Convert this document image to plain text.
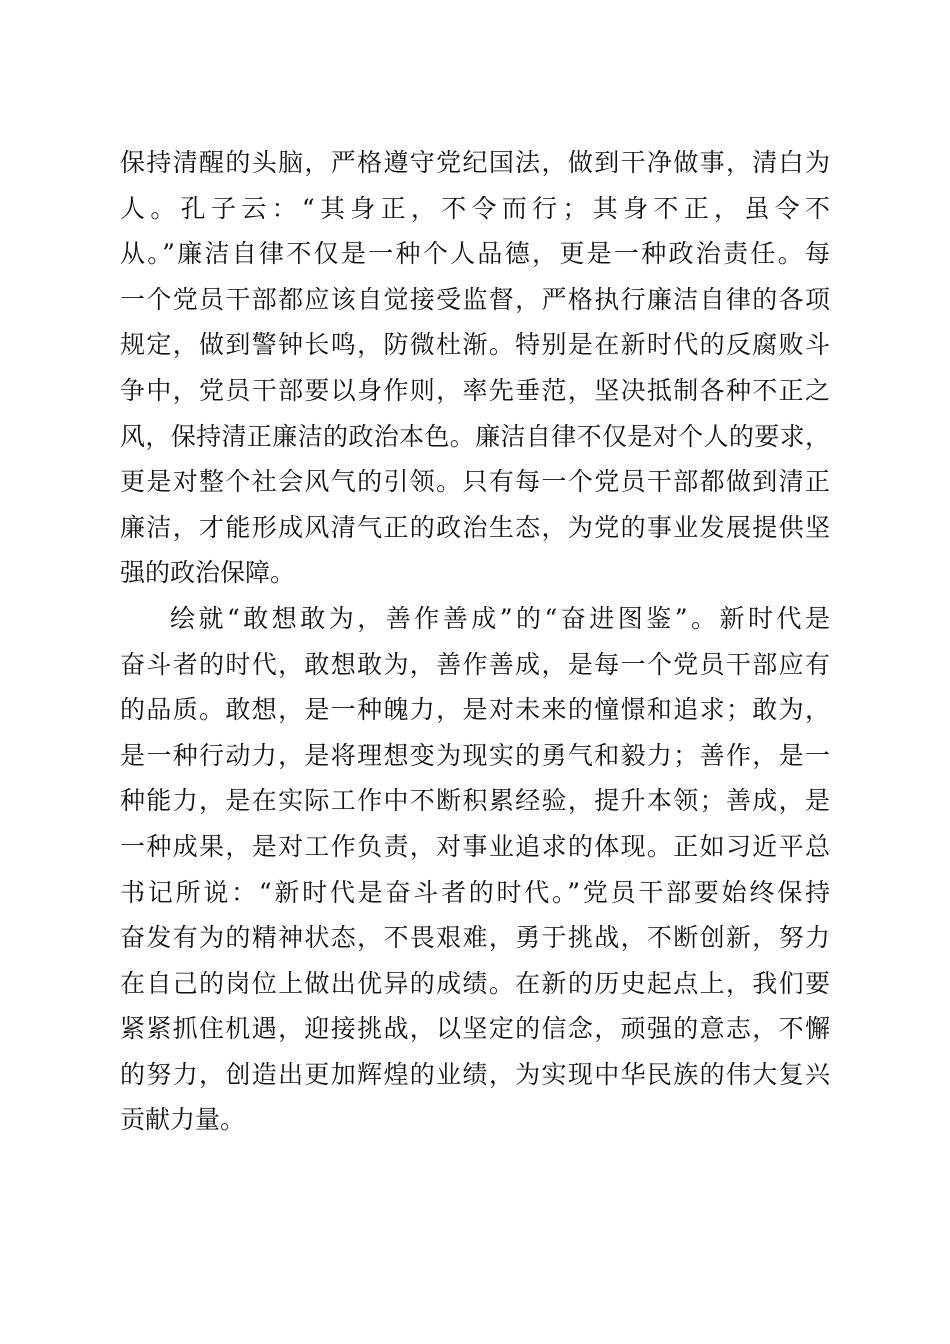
保持清醒的头脑，严格遵守党纪国法，做到干净做事，清白为
人。孔子云：“其身正，不令而行；其身不正，虽令不
从。”廉洁自律不仅是一种个人品德，更是一种政治责任。每
一个党员干部都应该自觉接受监督，严格执行廉洁自律的各项
规定，做到警钟长鸣，防微杜渐。特别是在新时代的反腐败斗
争中，党员干部要以身作则，率先垂范，坚决抵制各种不正之
风，保持清正廉洁的政治本色。廉洁自律不仅是对个人的要求，
更是对整个社会风气的引领。只有每一个党员干部都做到清正
廉洁，才能形成风清气正的政治生态，为党的事业发展提供坚
强的政治保障。
绘就“敢想敢为，善作善成”的“奋进图鉴”。新时代是
奋斗者的时代，敢想敢为，善作善成，是每一个党员干部应有
的品质。敢想，是一种魄力，是对未来的憧憬和追求；敢为，
是一种行动力，是将理想变为现实的勇气和毅力；善作，是一
种能力，是在实际工作中不断积累经验，提升本领；善成，是
一种成果，是对工作负责，对事业追求的体现。正如习近平总
书记所说：“新时代是奋斗者的时代。”党员干部要始终保持
奋发有为的精神状态，不畏艰难，勇于挑战，不断创新，努力
在自己的岗位上做出优异的成绩。在新的历史起点上，我们要
紧紧抓住机遇，迎接挑战，以坚定的信念，顽强的意志，不懈
的努力，创造出更加辉煌的业绩，为实现中华民族的伟大复兴
贡献力量。
